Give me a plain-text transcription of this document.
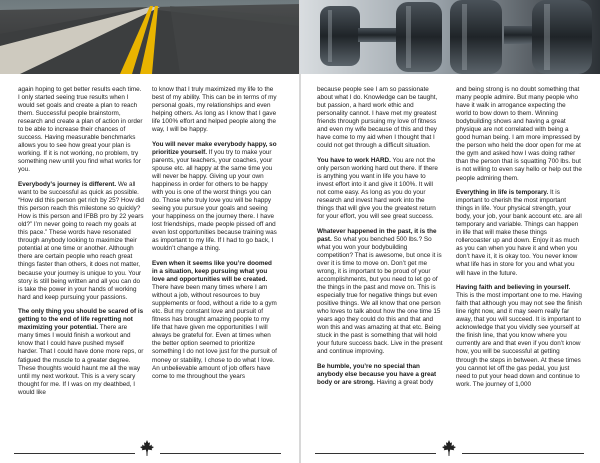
again hoping to get better results each time. I only started seeing true results when I would set goals and create a plan to reach them. Successful people brainstorm, research and create a plan of action in order to be able to increase their chances of success. Having measurable benchmarks allows you to see how great your plan is working. If it is not working, no problem, try something new until you find what works for you.

Everybody’s journey is different. We all want to be successful as quick as possible. “How did this person get rich by 25? How did this person reach this milestone so quickly? How is this person and IFBB pro by 22 years old?” I’m never going to reach my goals at this pace.” These words have resonated through anybody looking to maximize their potential at one time or another. Although there are certain people who reach great things faster than others, it does not matter, because your journey is unique to you. Your story is still being written and all you can do is take the power in your hands of working hard and keep pursuing your passions.

The only thing you should be scared of is getting to the end of life regretting not maximizing your potential. There are many times I would finish a workout and know that I could have pushed myself harder. That I could have done more reps, or fatigued the muscle to a greater degree. These thoughts would haunt me all the way until my next workout. This is a very scary thought for me. If I was on my deathbed, I would like

to know that I truly maximized my life to the best of my ability. This can be in terms of my personal goals, my relationships and even helping others. As long as I know that I gave life 100% effort and helped people along the way, I will be happy.

You will never make everybody happy, so prioritize yourself. If you try to make your parents, your teachers, your coaches, your spouse etc. all happy at the same time you will never be happy. Giving up your own happiness in order for others to be happy with you is one of the worst things you can do. Those who truly love you will be happy seeing you pursue your goals and seeing your happiness on the journey there. I have lost friendships, made people pissed off and even lost opportunities because training was as important to my life. If I had to go back, I wouldn’t change a thing.

Even when it seems like you’re doomed in a situation, keep pursuing what you love and opportunities will be created. There have been many times where I am without a job, without resources to buy supplements or food, without a ride to a gym etc. But my constant love and pursuit of fitness has brought amazing people to my life that have given me opportunities I will always be grateful for. Even at times when the better option seemed to prioritize something I do not love just for the pursuit of money or stability, I chose to do what I love. An unbelievable amount of job offers have come to me throughout the years

because people see I am so passionate about what I do. Knowledge can be taught, but passion, a hard work ethic and personality cannot. I have met my greatest friends through pursuing my love of fitness and even my wife because of this and they have come to my aid when I thought that I could not get through a difficult situation.

You have to work HARD. You are not the only person working hard out there. If there is anything you want in life you have to invest effort into it and give it 100%. It will not come easy. As long as you do your research and invest hard work into the things that will give you the greatest return for your effort, you will see great success.

Whatever happened in the past, it is the past. So what you benched 500 lbs.? So what you won your bodybuilding competition? That is awesome, but once it is over it is time to move on. Don’t get me wrong, it is important to be proud of your accomplishments, but you need to let go of the things in the past and move on. This is especially true for negative things but even positive things. We all know that one person who loves to talk about how the one time 15 years ago they could do this and that and won this and was amazing at that etc. Being stuck in the past is something that will hold your future success back. Live in the present and continue improving.

Be humble, you’re no special than anybody else because you have a great body or are strong. Having a great body

and being strong is no doubt something that many people admire. But many people who have it walk in arrogance expecting the world to bow down to them. Winning bodybuilding shows and having a great physique are not correlated with being a good human being. I am more impressed by the person who held the door open for me at the gym and asked how I was doing rather than the person that is squatting 700 lbs. but is not willing to even say hello or help out the people admiring them.

Everything in life is temporary. It is important to cherish the most important things in life. Your physical strength, your body, your job, your bank account etc. are all temporary and variable. Things can happen in life that will make these things rollercoaster up and down. Enjoy it as much as you can when you have it and when you don’t have it, it is okay too. You never know what life has in store for you and what you will have in the future.

Having faith and believing in yourself. This is the most important one to me. Having faith that although you may not see the finish line right now, and it may seem really far away, that you will succeed. It is important to acknowledge that you vividly see yourself at the finish line, that you know where you currently are and that even if you don’t know how, you will be successful at getting through the steps in between. At these times you cannot let off the gas pedal, you just need to put your head down and continue to work. The journey of 1,000
